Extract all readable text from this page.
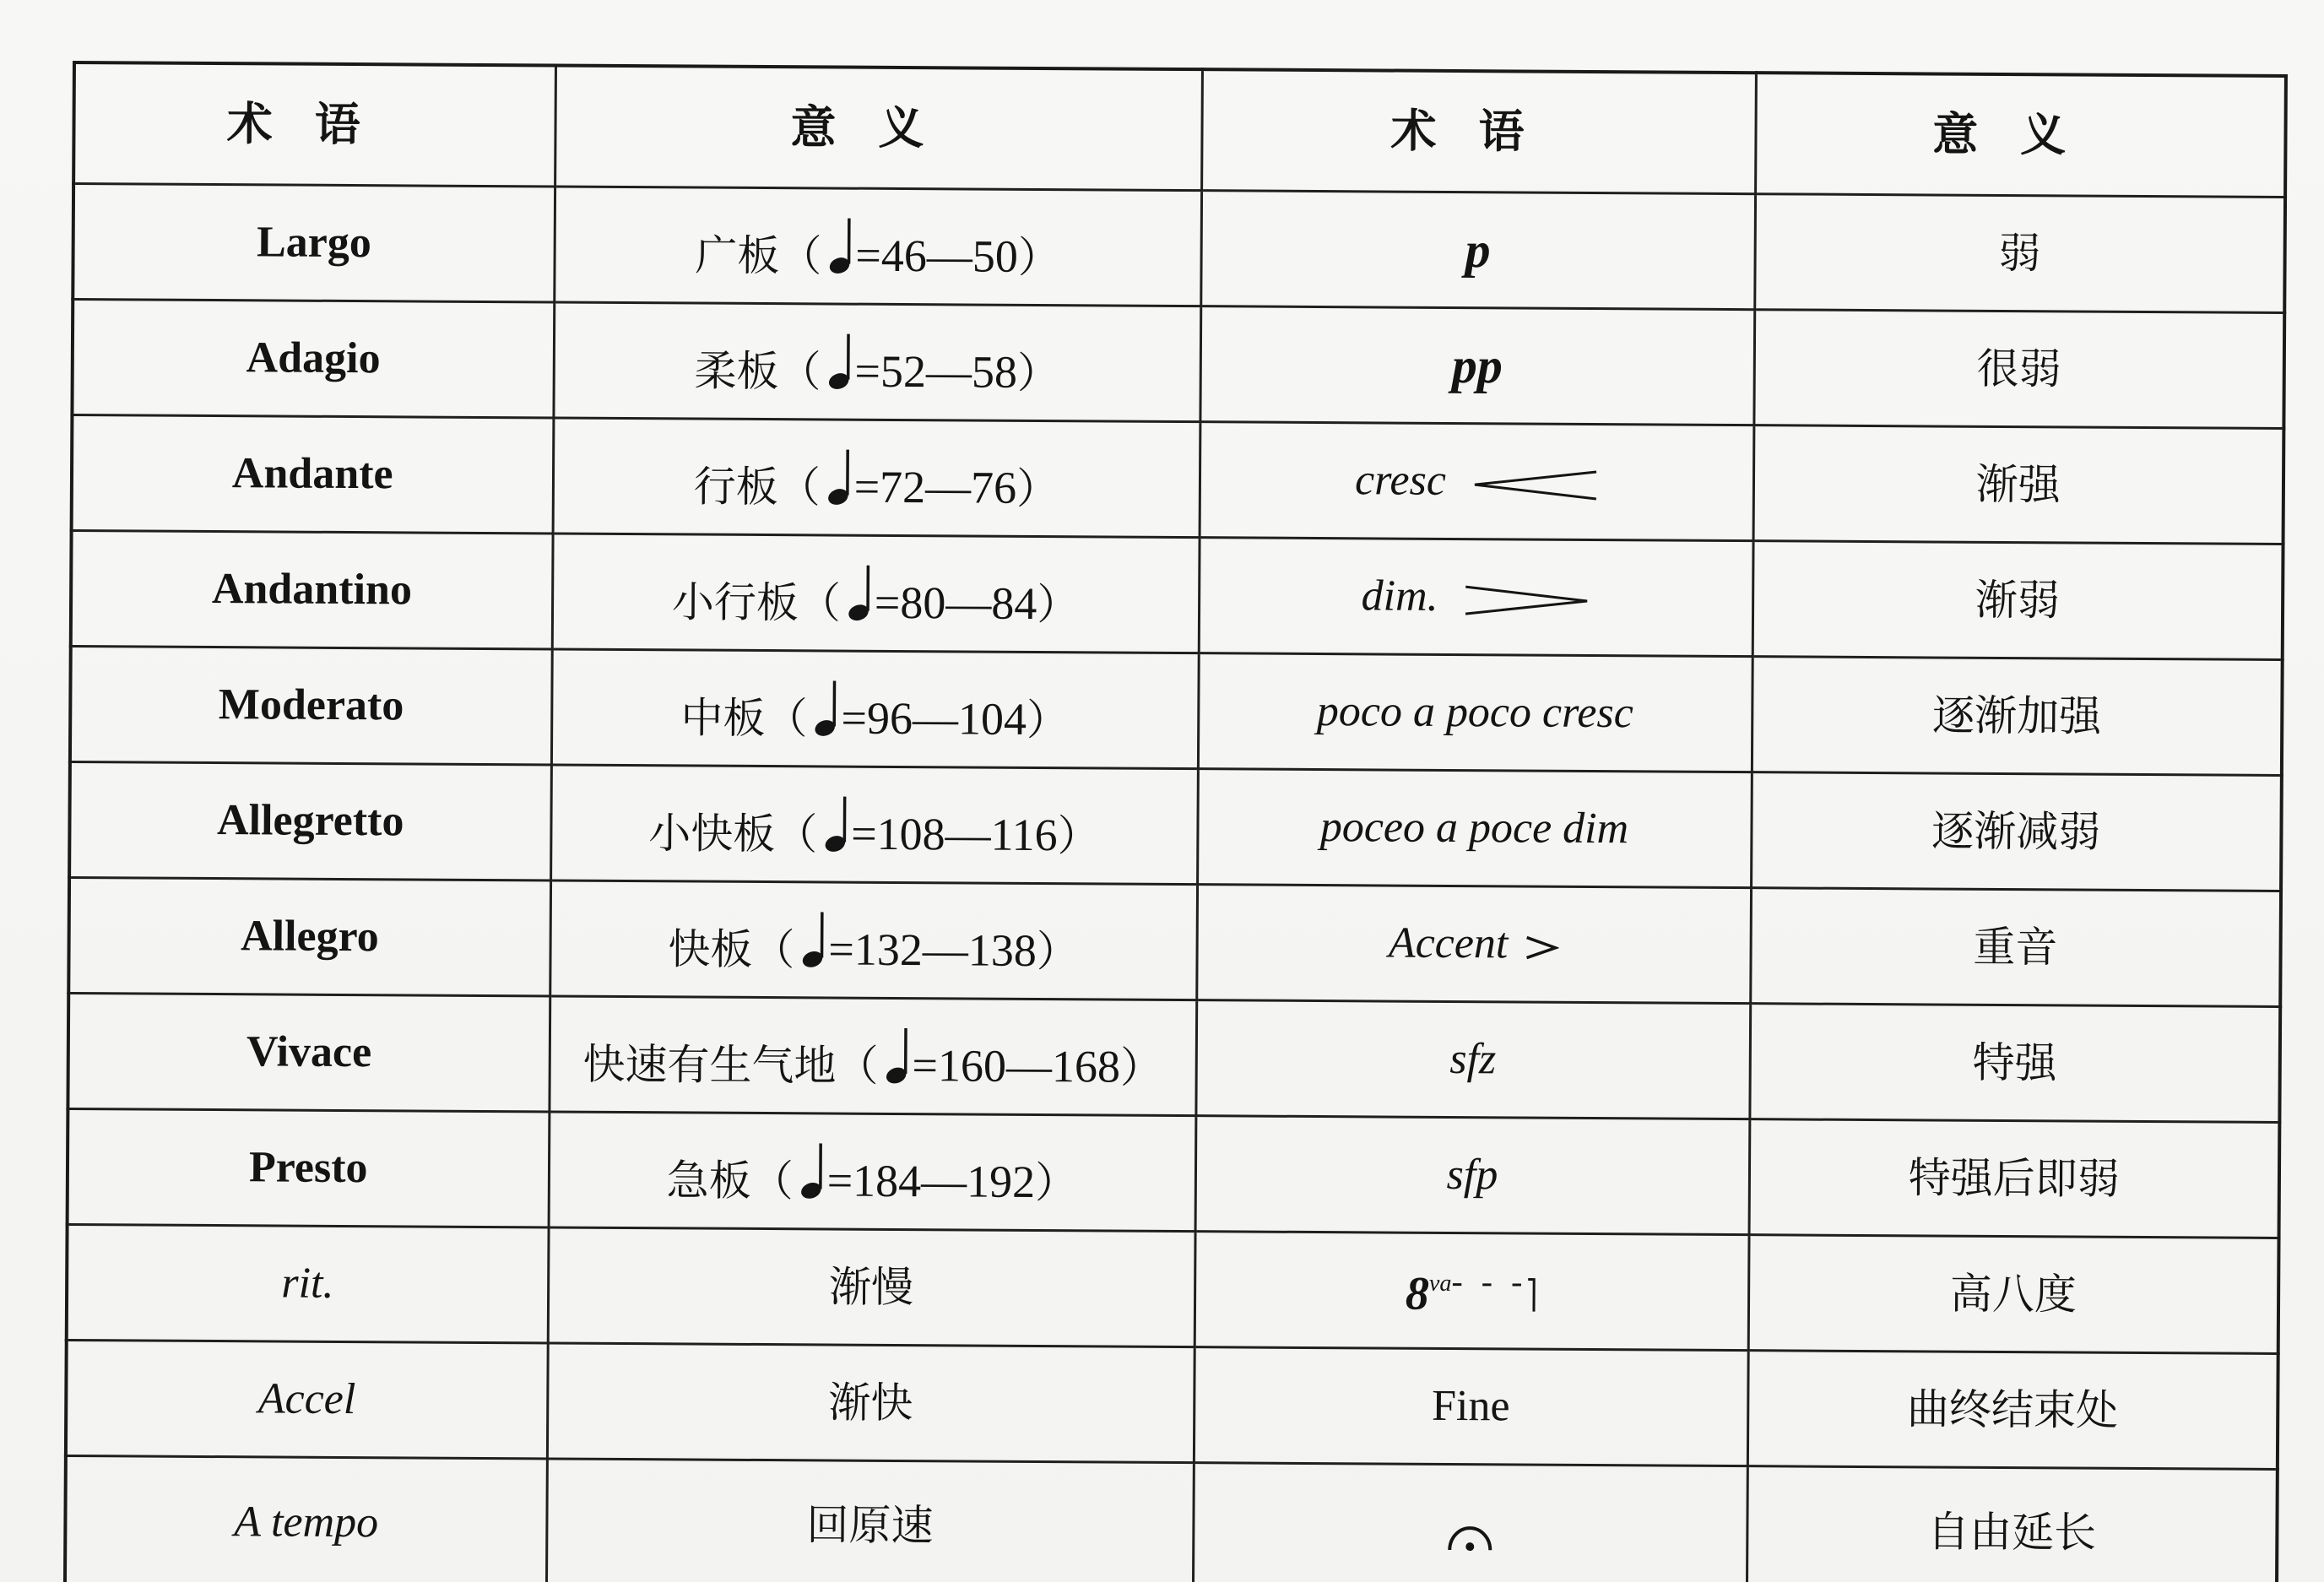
术语	意义	术语	意义
Largo	广板（ =46—50）	p	弱
Adagio	柔板（ =52—58）	pp	很弱
Andante	行板（ =72—76）	cresc	渐强
Andantino	小行板（ =80—84）	dim.	渐弱
Moderato	中板（ =96—104）	poco a poco cresc	逐渐加强
Allegretto	小快板（ =108—116）	poceo a poce dim	逐渐减弱
Allegro	快板（ =132—138）	Accent	重音
Vivace	快速有生气地（ =160—168）	sfz	特强
Presto	急板（ =184—192）	sfp	特强后即弱
rit.	渐慢	$8^{va- - -}$	高八度
Accel	渐快	Fine	曲终结束处
A tempo	回原速		自由延长
